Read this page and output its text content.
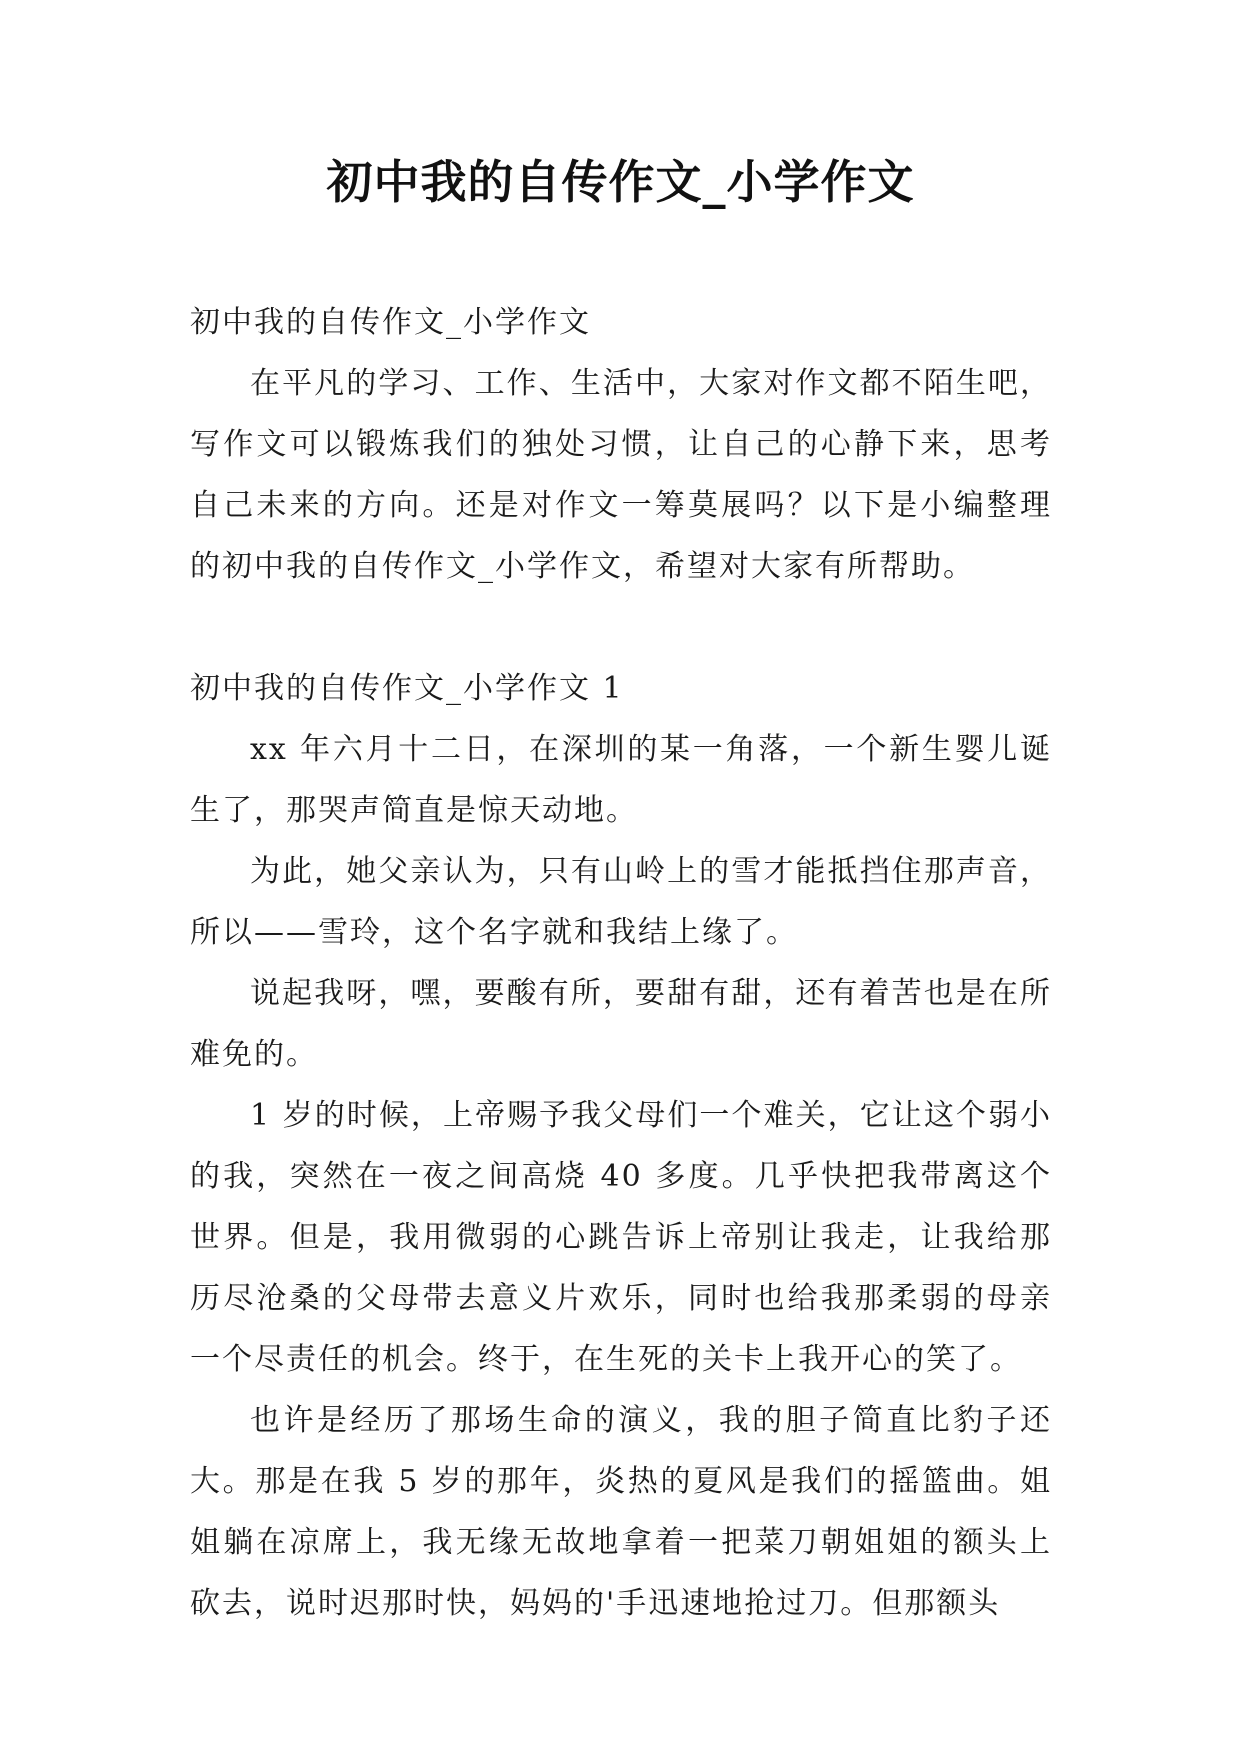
初中我的自传作文_小学作文

初中我的自传作文_小学作文

在平凡的学习、工作、生活中，大家对作文都不陌生吧，写作文可以锻炼我们的独处习惯，让自己的心静下来，思考自己未来的方向。还是对作文一筹莫展吗？以下是小编整理的初中我的自传作文_小学作文，希望对大家有所帮助。

初中我的自传作文_小学作文 1

xx 年六月十二日，在深圳的某一角落，一个新生婴儿诞生了，那哭声简直是惊天动地。

为此，她父亲认为，只有山岭上的雪才能抵挡住那声音，所以——雪玲，这个名字就和我结上缘了。

说起我呀，嘿，要酸有所，要甜有甜，还有着苦也是在所难免的。

1 岁的时候，上帝赐予我父母们一个难关，它让这个弱小的我，突然在一夜之间高烧 40 多度。几乎快把我带离这个世界。但是，我用微弱的心跳告诉上帝别让我走，让我给那历尽沧桑的父母带去意义片欢乐，同时也给我那柔弱的母亲一个尽责任的机会。终于，在生死的关卡上我开心的笑了。

也许是经历了那场生命的演义，我的胆子简直比豹子还大。那是在我 5 岁的那年，炎热的夏风是我们的摇篮曲。姐姐躺在凉席上，我无缘无故地拿着一把菜刀朝姐姐的额头上砍去，说时迟那时快，妈妈的'手迅速地抢过刀。但那额头
